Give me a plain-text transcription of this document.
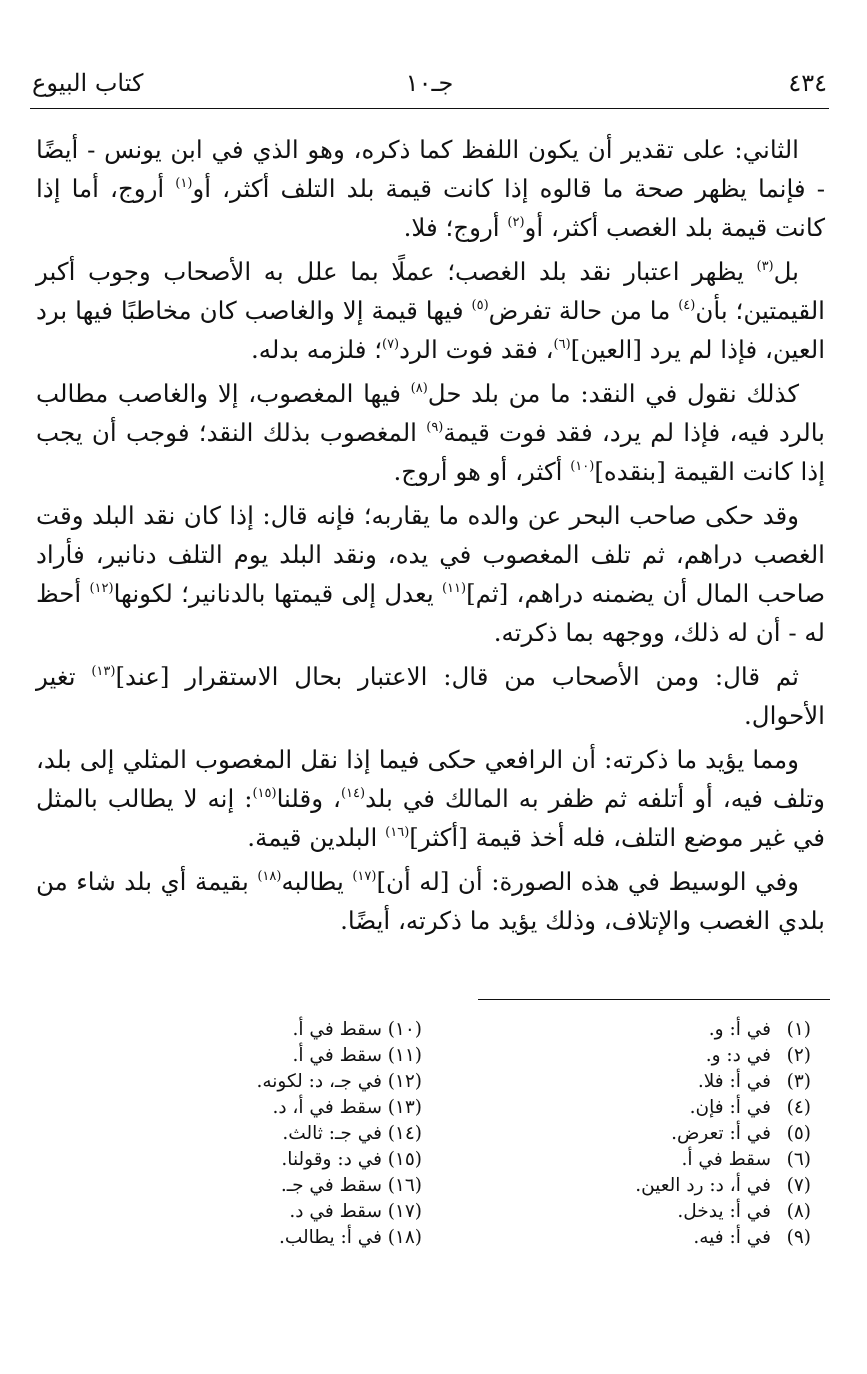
٤٣٤
جـ١٠
كتاب البيوع

الثاني: على تقدير أن يكون اللفظ كما ذكره، وهو الذي في ابن يونس - أيضًا - فإنما يظهر صحة ما قالوه إذا كانت قيمة بلد التلف أكثر، أو$^{(١)}$ أروج، أما إذا كانت قيمة بلد الغصب أكثر، أو$^{(٢)}$ أروج؛ فلا.

بل$^{(٣)}$ يظهر اعتبار نقد بلد الغصب؛ عملًا بما علل به الأصحاب وجوب أكبر القيمتين؛ بأن$^{(٤)}$ ما من حالة تفرض$^{(٥)}$ فيها قيمة إلا والغاصب كان مخاطبًا فيها برد العين، فإذا لم يرد [العين]$^{(٦)}$، فقد فوت الرد$^{(٧)}$؛ فلزمه بدله.

كذلك نقول في النقد: ما من بلد حل$^{(٨)}$ فيها المغصوب، إلا والغاصب مطالب بالرد فيه، فإذا لم يرد، فقد فوت قيمة$^{(٩)}$ المغصوب بذلك النقد؛ فوجب أن يجب إذا كانت القيمة [بنقده]$^{(١٠)}$ أكثر، أو هو أروج.

وقد حكى صاحب البحر عن والده ما يقاربه؛ فإنه قال: إذا كان نقد البلد وقت الغصب دراهم، ثم تلف المغصوب في يده، ونقد البلد يوم التلف دنانير، فأراد صاحب المال أن يضمنه دراهم، [ثم]$^{(١١)}$ يعدل إلى قيمتها بالدنانير؛ لكونها$^{(١٢)}$ أحظ له - أن له ذلك، ووجهه بما ذكرته.

ثم قال: ومن الأصحاب من قال: الاعتبار بحال الاستقرار [عند]$^{(١٣)}$ تغير الأحوال.

ومما يؤيد ما ذكرته: أن الرافعي حكى فيما إذا نقل المغصوب المثلي إلى بلد، وتلف فيه، أو أتلفه ثم ظفر به المالك في بلد$^{(١٤)}$، وقلنا$^{(١٥)}$: إنه لا يطالب بالمثل في غير موضع التلف، فله أخذ قيمة [أكثر]$^{(١٦)}$ البلدين قيمة.

وفي الوسيط في هذه الصورة: أن [له أن]$^{(١٧)}$ يطالبه$^{(١٨)}$ بقيمة أي بلد شاء من بلدي الغصب والإتلاف، وذلك يؤيد ما ذكرته، أيضًا.

(١)في أ: و.
(٢)في د: و.
(٣)في أ: فلا.
(٤)في أ: فإن.
(٥)في أ: تعرض.
(٦)سقط في أ.
(٧)في أ، د: رد العين.
(٨)في أ: يدخل.
(٩)في أ: فيه.
(١٠)سقط في أ.
(١١)سقط في أ.
(١٢)في جـ، د: لكونه.
(١٣)سقط في أ، د.
(١٤)في جـ: ثالث.
(١٥)في د: وقولنا.
(١٦)سقط في جـ.
(١٧)سقط في د.
(١٨)في أ: يطالب.
